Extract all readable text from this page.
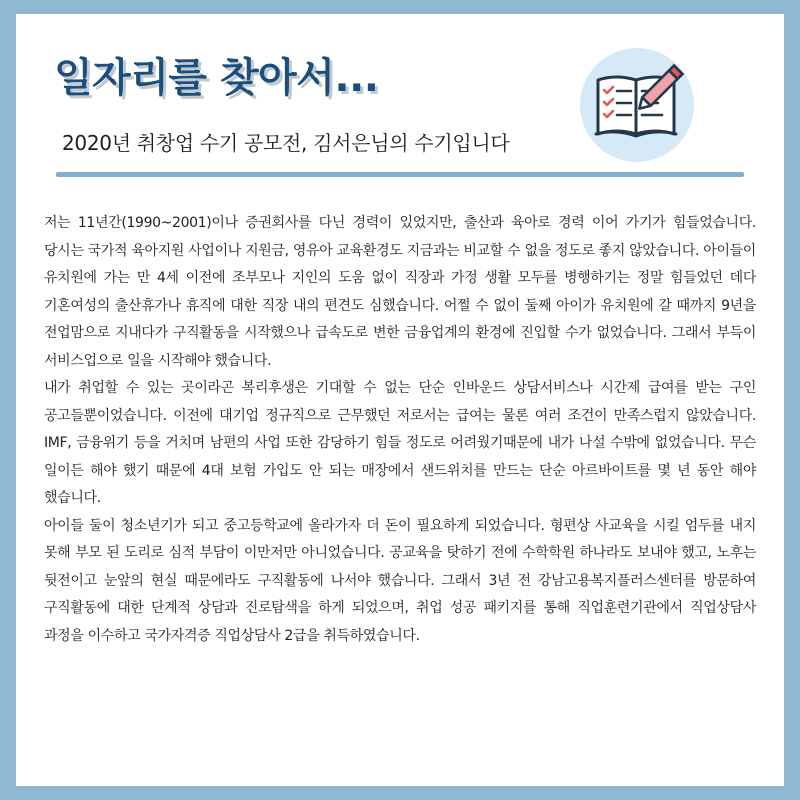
일자리를 찾아서...
2020년 취창업 수기 공모전, 김서은님의 수기입니다

저는 11년간(1990~2001)이나 증권회사를 다닌 경력이 있었지만, 출산과 육아로 경력 이어 가기가 힘들었습니다. 당시는 국가적 육아지원 사업이나 지원금, 영유아 교육환경도 지금과는 비교할 수 없을 정도로 좋지 않았습니다. 아이들이 유치원에 가는 만 4세 이전에 조부모나 지인의 도움 없이 직장과 가정 생활 모두를 병행하기는 정말 힘들었던 데다 기혼여성의 출산휴가나 휴직에 대한 직장 내의 편견도 심했습니다. 어쩔 수 없이 둘째 아이가 유치원에 갈 때까지 9년을 전업맘으로 지내다가 구직활동을 시작했으나 급속도로 변한 금융업계의 환경에 진입할 수가 없었습니다. 그래서 부득이 서비스업으로 일을 시작해야 했습니다.

내가 취업할 수 있는 곳이라곤 복리후생은 기대할 수 없는 단순 인바운드 상담서비스나 시간제 급여를 받는 구인 공고들뿐이었습니다. 이전에 대기업 정규직으로 근무했던 저로서는 급여는 물론 여러 조건이 만족스럽지 않았습니다. IMF, 금융위기 등을 거치며 남편의 사업 또한 감당하기 힘들 정도로 어려웠기때문에 내가 나설 수밖에 없었습니다. 무슨 일이든 해야 했기 때문에 4대 보험 가입도 안 되는 매장에서 샌드위치를 만드는 단순 아르바이트를 몇 년 동안 해야 했습니다.

아이들 둘이 청소년기가 되고 중고등학교에 올라가자 더 돈이 필요하게 되었습니다. 형편상 사교육을 시킬 엄두를 내지 못해 부모 된 도리로 심적 부담이 이만저만 아니었습니다. 공교육을 탓하기 전에 수학학원 하나라도 보내야 했고, 노후는 뒷전이고 눈앞의 현실 때문에라도 구직활동에 나서야 했습니다. 그래서 3년 전 강남고용복지플러스센터를 방문하여 구직활동에 대한 단계적 상담과 진로탐색을 하게 되었으며, 취업 성공 패키지를 통해 직업훈련기관에서 직업상담사 과정을 이수하고 국가자격증 직업상담사 2급을 취득하였습니다.
